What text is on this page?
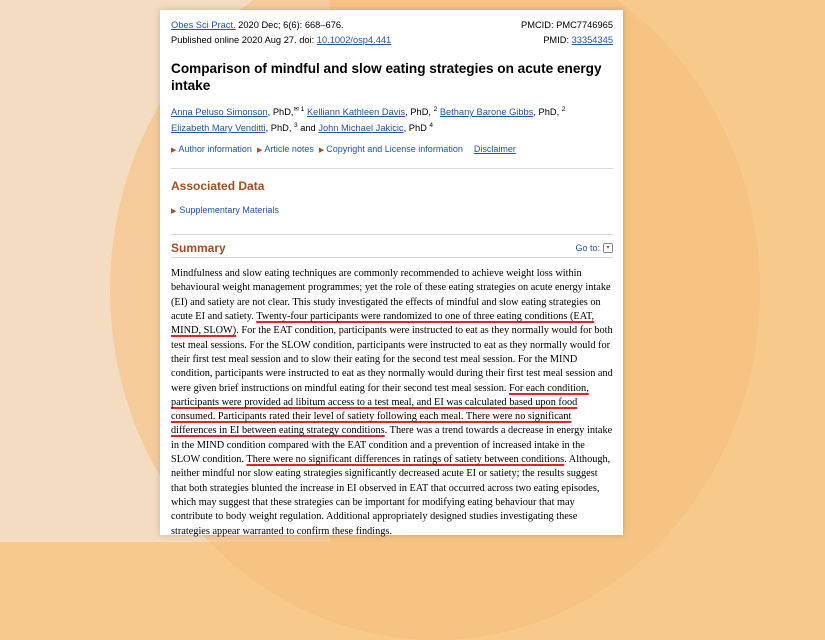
Obes Sci Pract. 2020 Dec; 6(6): 668–676.
Published online 2020 Aug 27. doi: 10.1002/osp4.441
PMCID: PMC7746965
PMID: 33354345
Comparison of mindful and slow eating strategies on acute energy intake
Anna Peluso Simonson, PhD,$^{✉ 1}$ Kelliann Kathleen Davis, PhD, $^2$ Bethany Barone Gibbs, PhD, $^2$
Elizabeth Mary Venditti, PhD, $^3$ and John Michael Jakicic, PhD $^4$
▶ Author information ▶ Article notes ▶ Copyright and License information Disclaimer
Associated Data
▶ Supplementary Materials
Summary	Go to:	▾
Mindfulness and slow eating techniques are commonly recommended to achieve weight loss within behavioural weight management programmes; yet the role of these eating strategies on acute energy intake (EI) and satiety are not clear. This study investigated the effects of mindful and slow eating strategies on acute EI and satiety. Twenty-four participants were randomized to one of three eating conditions (EAT, MIND, SLOW). For the EAT condition, participants were instructed to eat as they normally would for both test meal sessions. For the SLOW condition, participants were instructed to eat as they normally would for their first test meal session and to slow their eating for the second test meal session. For the MIND condition, participants were instructed to eat as they normally would during their first test meal session and were given brief instructions on mindful eating for their second test meal session. For each condition, participants were provided ad libitum access to a test meal, and EI was calculated based upon food consumed. Participants rated their level of satiety following each meal. There were no significant differences in EI between eating strategy conditions. There was a trend towards a decrease in energy intake in the MIND condition compared with the EAT condition and a prevention of increased intake in the SLOW condition. There were no significant differences in ratings of satiety between conditions. Although, neither mindful nor slow eating strategies significantly decreased acute EI or satiety; the results suggest that both strategies blunted the increase in EI observed in EAT that occurred across two eating episodes, which may suggest that these strategies can be important for modifying eating behaviour that may contribute to body weight regulation. Additional appropriately designed studies investigating these strategies appear warranted to confirm these findings.
